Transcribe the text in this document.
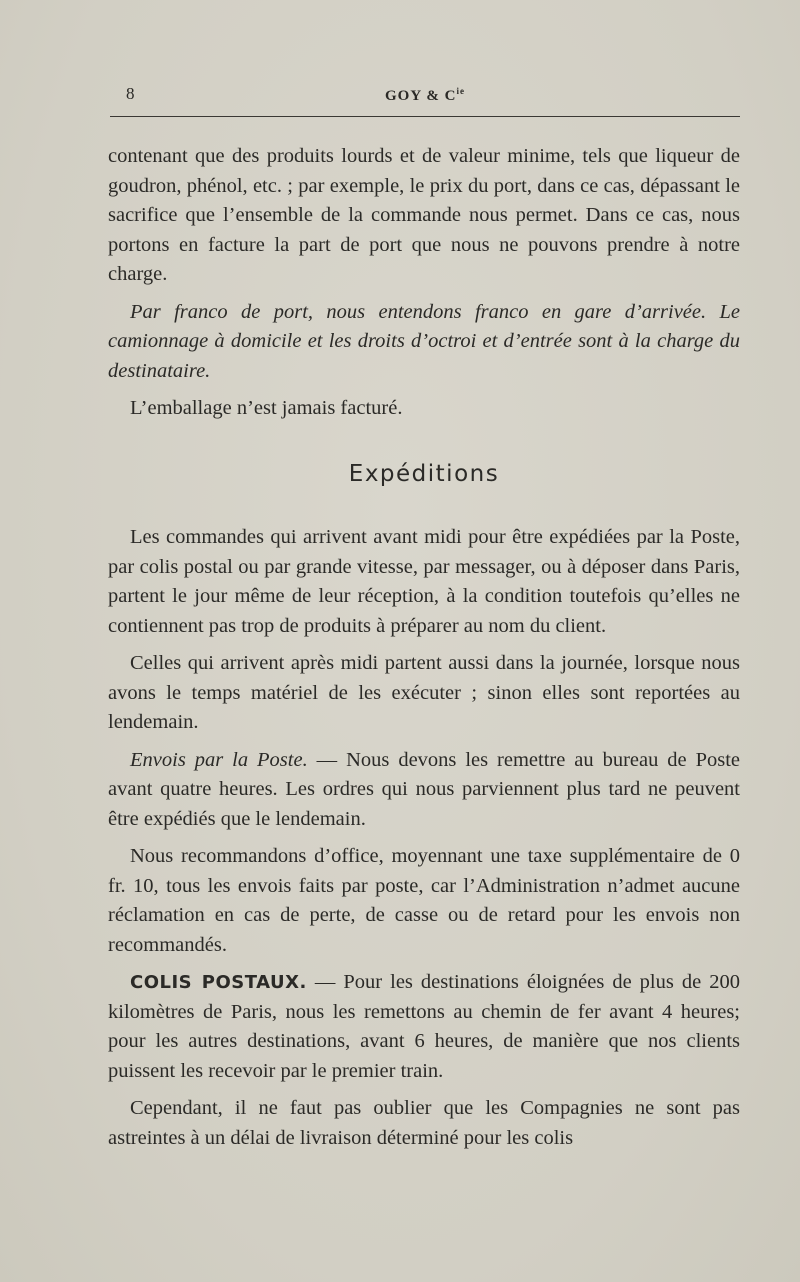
8	GOY & $C^{ie}$

contenant que des produits lourds et de valeur minime, tels que liqueur de goudron, phénol, etc. ; par exemple, le prix du port, dans ce cas, dépassant le sacrifice que l’ensemble de la commande nous permet. Dans ce cas, nous portons en facture la part de port que nous ne pouvons prendre à notre charge.

Par franco de port, nous entendons franco en gare d’arrivée. Le camionnage à domicile et les droits d’octroi et d’entrée sont à la charge du destinataire.

L’emballage n’est jamais facturé.

Expéditions

Les commandes qui arrivent avant midi pour être expédiées par la Poste, par colis postal ou par grande vitesse, par messager, ou à déposer dans Paris, partent le jour même de leur réception, à la condition toutefois qu’elles ne contiennent pas trop de produits à préparer au nom du client.

Celles qui arrivent après midi partent aussi dans la journée, lorsque nous avons le temps matériel de les exécuter ; sinon elles sont reportées au lendemain.

Envois par la Poste. — Nous devons les remettre au bureau de Poste avant quatre heures. Les ordres qui nous parviennent plus tard ne peuvent être expédiés que le lendemain.

Nous recommandons d’office, moyennant une taxe supplémentaire de 0 fr. 10, tous les envois faits par poste, car l’Administration n’admet aucune réclamation en cas de perte, de casse ou de retard pour les envois non recommandés.

COLIS POSTAUX. — Pour les destinations éloignées de plus de 200 kilomètres de Paris, nous les remettons au chemin de fer avant 4 heures; pour les autres destinations, avant 6 heures, de manière que nos clients puissent les recevoir par le premier train.

Cependant, il ne faut pas oublier que les Compagnies ne sont pas astreintes à un délai de livraison déterminé pour les colis
